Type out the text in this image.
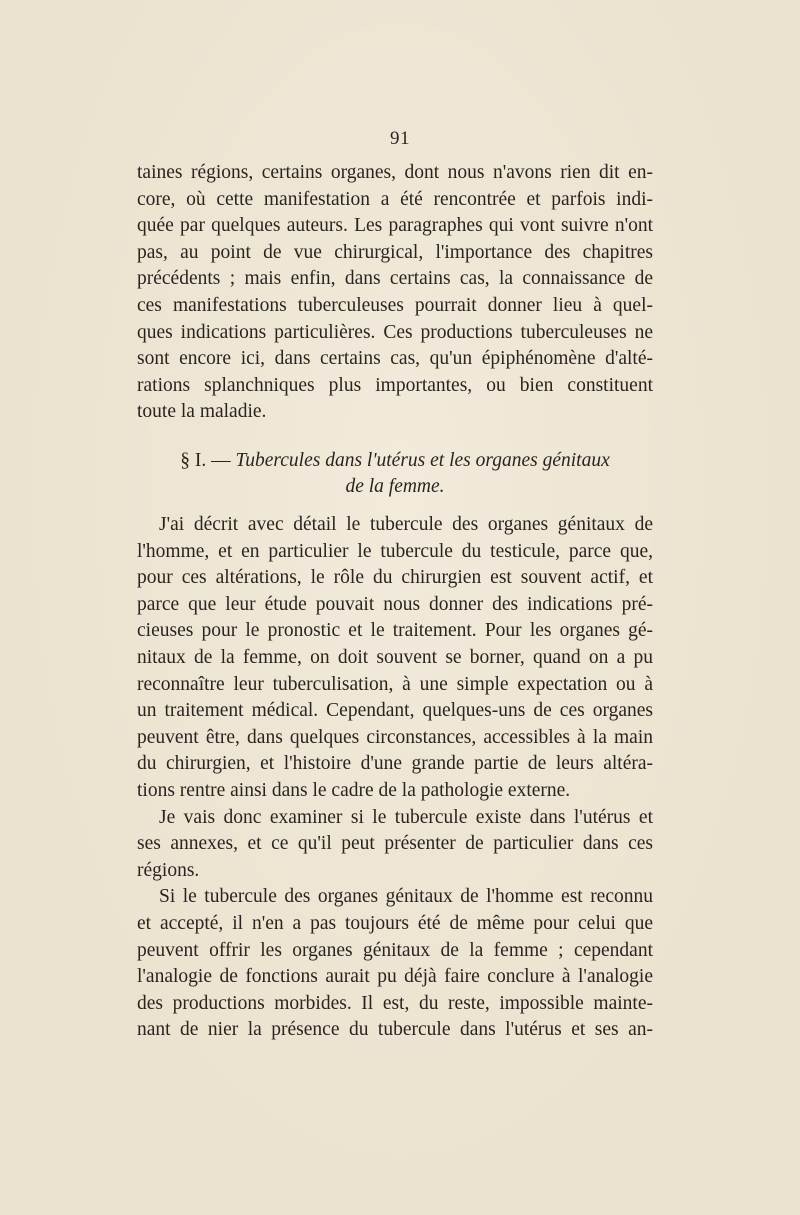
91
taines régions, certains organes, dont nous n'avons rien dit en-
core, où cette manifestation a été rencontrée et parfois indi-
quée par quelques auteurs. Les paragraphes qui vont suivre n'ont
pas, au point de vue chirurgical, l'importance des chapitres
précédents ; mais enfin, dans certains cas, la connaissance de
ces manifestations tuberculeuses pourrait donner lieu à quel-
ques indications particulières. Ces productions tuberculeuses ne
sont encore ici, dans certains cas, qu'un épiphénomène d'alté-
rations splanchniques plus importantes, ou bien constituent
toute la maladie.
§ I. — Tubercules dans l'utérus et les organes génitaux
de la femme.
J'ai décrit avec détail le tubercule des organes génitaux de
l'homme, et en particulier le tubercule du testicule, parce que,
pour ces altérations, le rôle du chirurgien est souvent actif, et
parce que leur étude pouvait nous donner des indications pré-
cieuses pour le pronostic et le traitement. Pour les organes gé-
nitaux de la femme, on doit souvent se borner, quand on a pu
reconnaître leur tuberculisation, à une simple expectation ou à
un traitement médical. Cependant, quelques-uns de ces organes
peuvent être, dans quelques circonstances, accessibles à la main
du chirurgien, et l'histoire d'une grande partie de leurs altéra-
tions rentre ainsi dans le cadre de la pathologie externe.
Je vais donc examiner si le tubercule existe dans l'utérus et
ses annexes, et ce qu'il peut présenter de particulier dans ces
régions.
Si le tubercule des organes génitaux de l'homme est reconnu
et accepté, il n'en a pas toujours été de même pour celui que
peuvent offrir les organes génitaux de la femme ; cependant
l'analogie de fonctions aurait pu déjà faire conclure à l'analogie
des productions morbides. Il est, du reste, impossible mainte-
nant de nier la présence du tubercule dans l'utérus et ses an-
